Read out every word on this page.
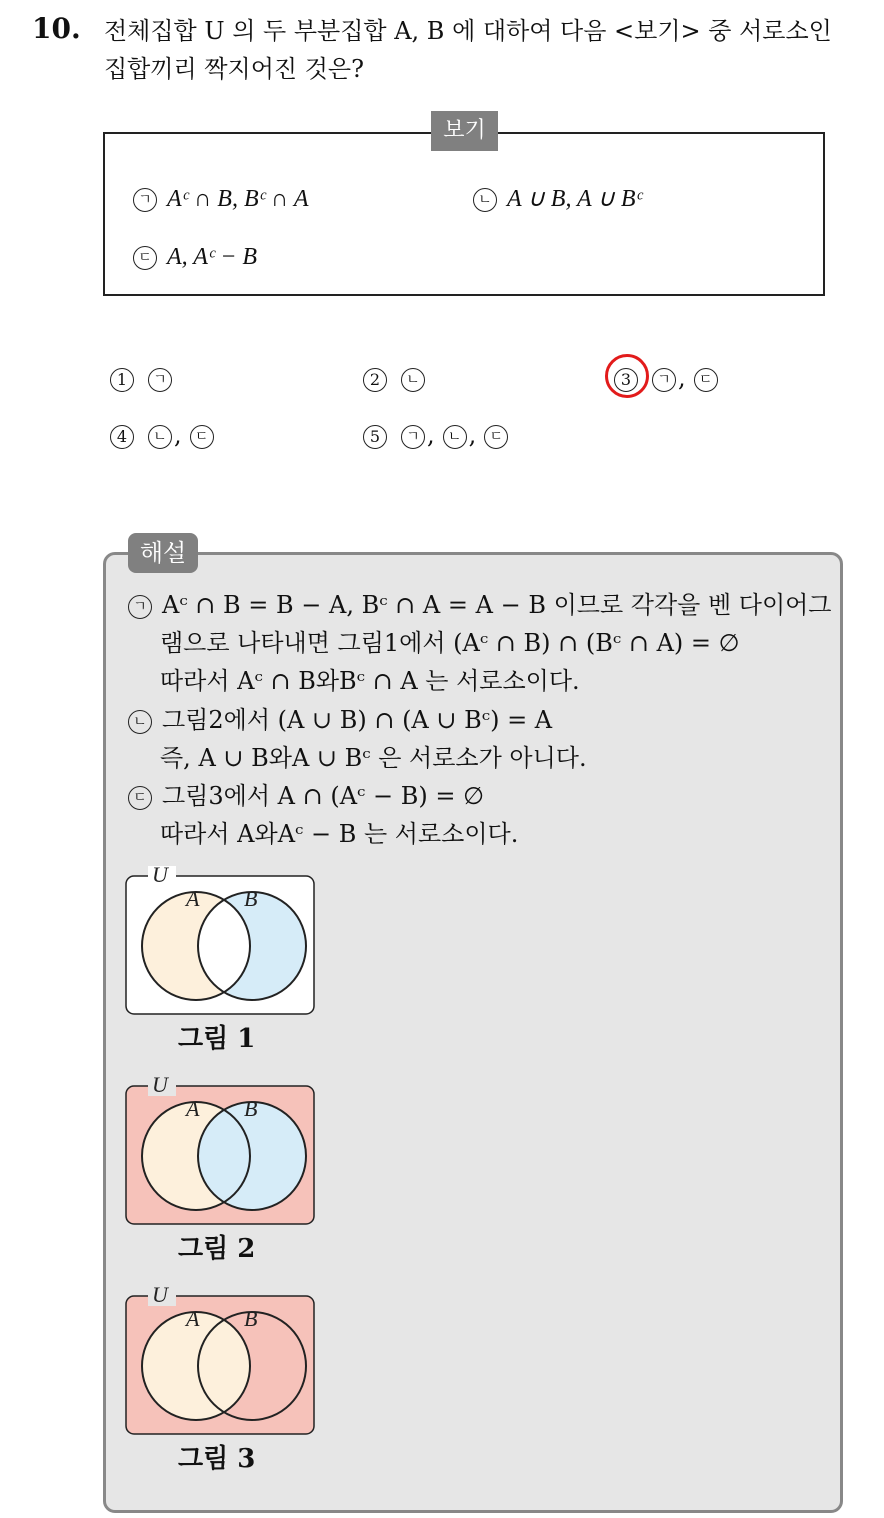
10. 전체집합 U 의 두 부분집합 A, B 에 대하여 다음 <보기> 중 서로소인
집합끼리 짝지어진 것은?
보기
ㄱ Aᶜ ∩ B, Bᶜ ∩ A	ㄴ A ∪ B, A ∪ Bᶜ
ㄷ A, Aᶜ − B
1 ㄱ	2 ㄴ	3 ㄱ , ㄷ
4 ㄴ , ㄷ	5 ㄱ , ㄴ , ㄷ
해설
ㄱ Aᶜ ∩ B = B − A, Bᶜ ∩ A = A − B 이므로 각각을 벤 다이어그
램으로 나타내면 그림1에서 (Aᶜ ∩ B) ∩ (Bᶜ ∩ A) = ∅
따라서 Aᶜ ∩ B와Bᶜ ∩ A 는 서로소이다.
ㄴ 그림2에서 (A ∪ B) ∩ (A ∪ Bᶜ) = A
즉, A ∪ B와A ∪ Bᶜ 은 서로소가 아니다.
ㄷ 그림3에서 A ∩ (Aᶜ − B) = ∅
따라서 A와Aᶜ − B 는 서로소이다.
U
A B
그림 1
U
A B
그림 2
U
A B
그림 3
